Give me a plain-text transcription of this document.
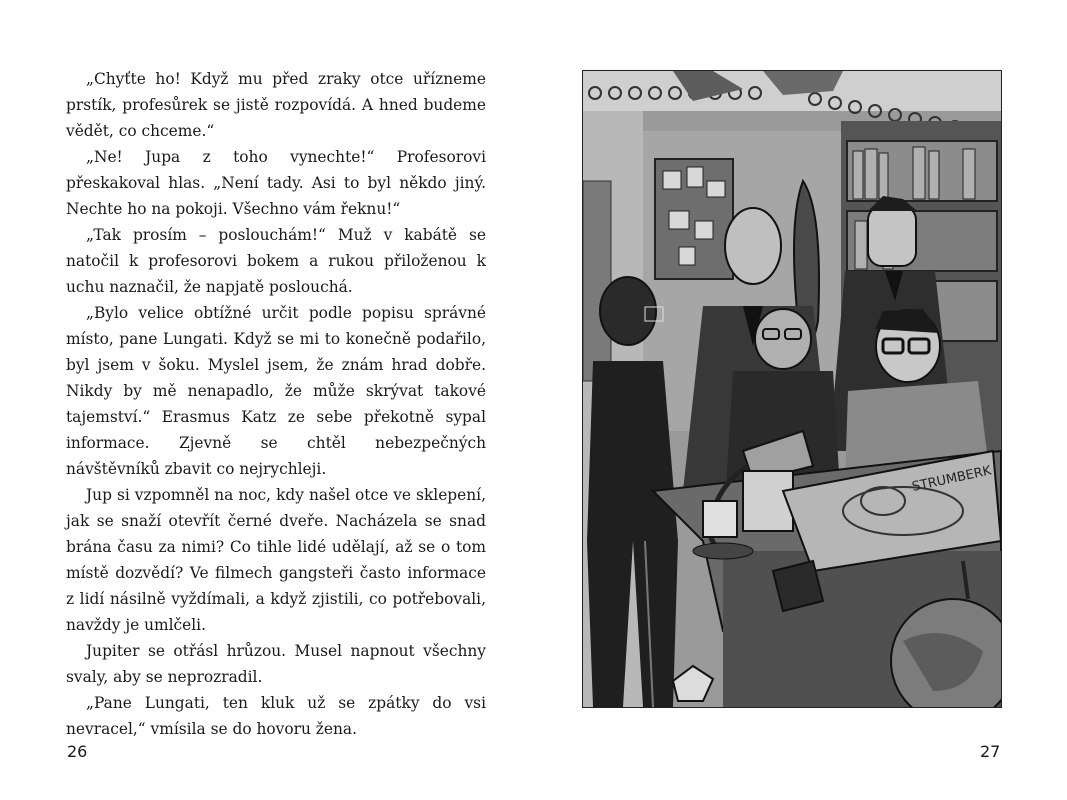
„Chyťte ho! Když mu před zraky otce uřízneme prstík, profesůrek se jistě rozpovídá. A hned budeme vědět, co chceme.“

„Ne! Jupa z toho vynechte!“ Profesorovi přeskakoval hlas. „Není tady. Asi to byl někdo jiný. Nechte ho na pokoji. Všechno vám řeknu!“

„Tak prosím – poslouchám!“ Muž v kabátě se natočil k profesorovi bokem a rukou přiloženou k uchu naznačil, že napjatě poslouchá.

„Bylo velice obtížné určit podle popisu správné místo, pane Lungati. Když se mi to konečně podařilo, byl jsem v šoku. Myslel jsem, že znám hrad dobře. Nikdy by mě nenapadlo, že může skrývat takové tajemství.“ Erasmus Katz ze sebe překotně sypal informace. Zjevně se chtěl nebezpečných návštěvníků zbavit co nejrychleji.

Jup si vzpomněl na noc, kdy našel otce ve sklepení, jak se snaží otevřít černé dveře. Nacházela se snad brána času za nimi? Co tihle lidé udělají, až se o tom místě dozvědí? Ve filmech gangsteři často informace z lidí násilně vyždímali, a když zjistili, co potřebovali, navždy je umlčeli.

Jupiter se otřásl hrůzou. Musel napnout všechny svaly, aby se neprozradil.

„Pane Lungati, ten kluk už se zpátky do vsi nevracel,“ vmísila se do hovoru žena.

26
STRUMBERK
27
